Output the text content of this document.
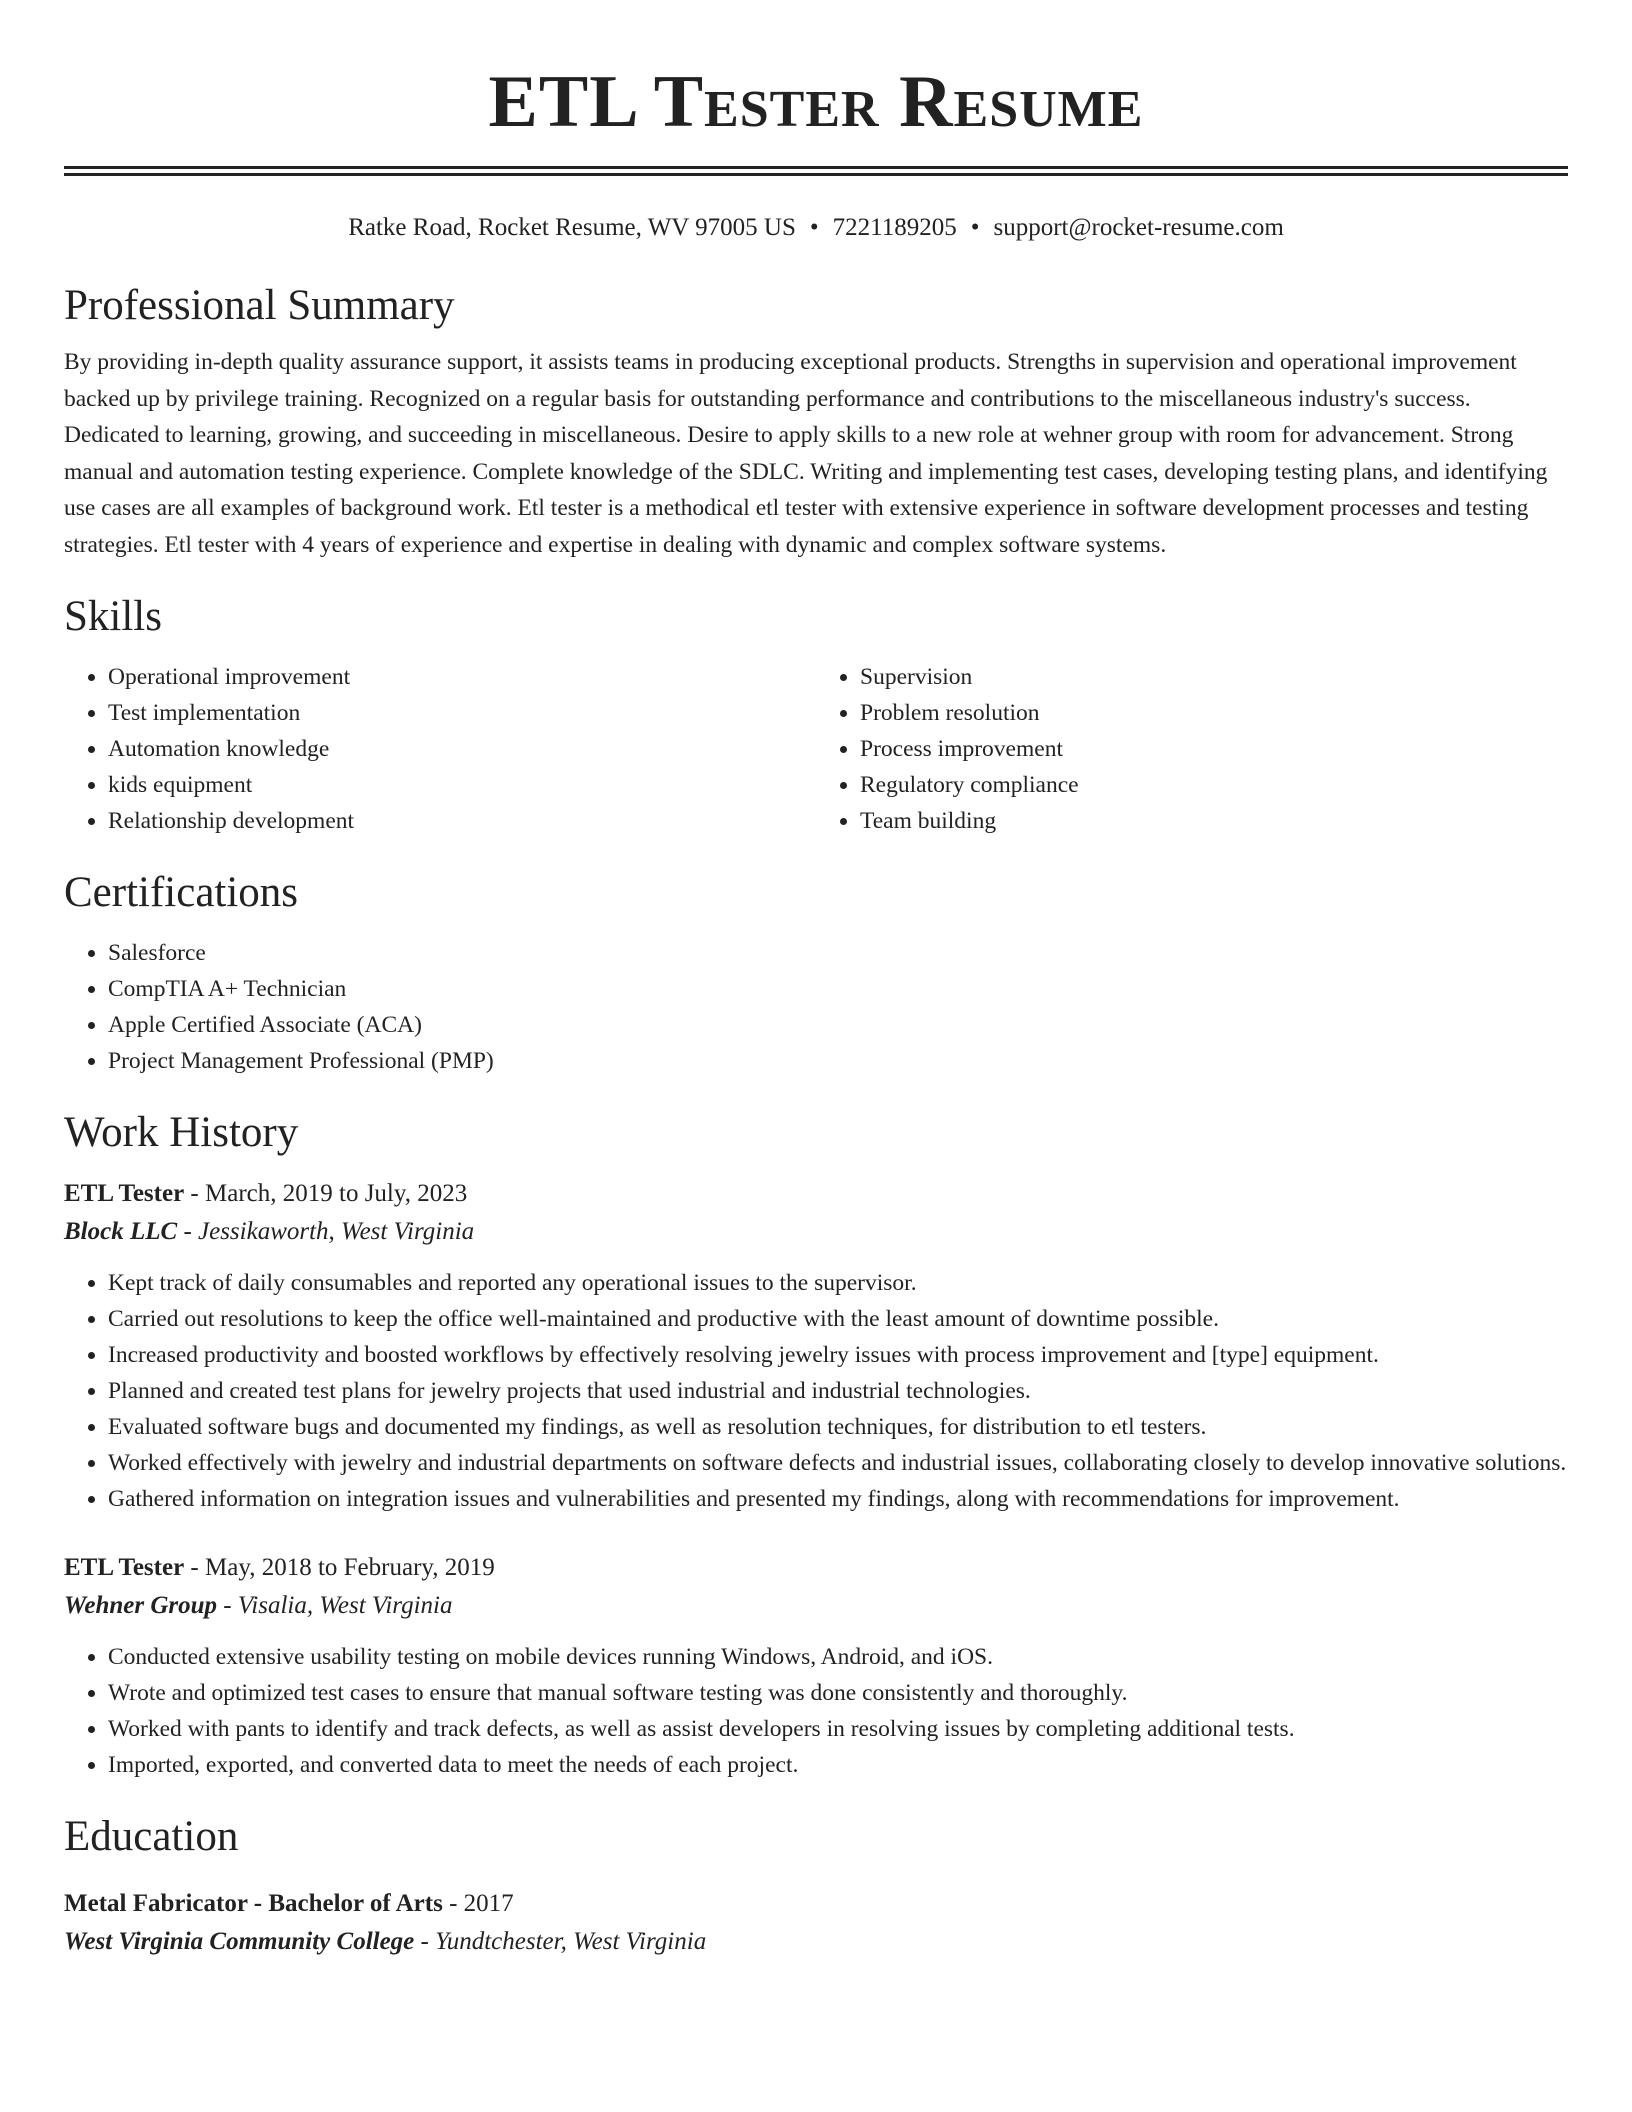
ETL Tester Resume
Ratke Road, Rocket Resume, WV 97005 US • 7221189205 • support@rocket-resume.com
Professional Summary

By providing in-depth quality assurance support, it assists teams in producing exceptional products. Strengths in supervision and operational improvement backed up by privilege training. Recognized on a regular basis for outstanding performance and contributions to the miscellaneous industry's success. Dedicated to learning, growing, and succeeding in miscellaneous. Desire to apply skills to a new role at wehner group with room for advancement. Strong manual and automation testing experience. Complete knowledge of the SDLC. Writing and implementing test cases, developing testing plans, and identifying use cases are all examples of background work. Etl tester is a methodical etl tester with extensive experience in software development processes and testing strategies. Etl tester with 4 years of experience and expertise in dealing with dynamic and complex software systems.

Skills
• Operational improvement
• Test implementation
• Automation knowledge
• kids equipment
• Relationship development
• Supervision
• Problem resolution
• Process improvement
• Regulatory compliance
• Team building
Certifications
• Salesforce
• CompTIA A+ Technician
• Apple Certified Associate (ACA)
• Project Management Professional (PMP)
Work History
ETL Tester - March, 2019 to July, 2023
Block LLC - Jessikaworth, West Virginia
• Kept track of daily consumables and reported any operational issues to the supervisor.
• Carried out resolutions to keep the office well-maintained and productive with the least amount of downtime possible.
• Increased productivity and boosted workflows by effectively resolving jewelry issues with process improvement and [type] equipment.
• Planned and created test plans for jewelry projects that used industrial and industrial technologies.
• Evaluated software bugs and documented my findings, as well as resolution techniques, for distribution to etl testers.
• Worked effectively with jewelry and industrial departments on software defects and industrial issues, collaborating closely to develop innovative solutions.
• Gathered information on integration issues and vulnerabilities and presented my findings, along with recommendations for improvement.
ETL Tester - May, 2018 to February, 2019
Wehner Group - Visalia, West Virginia
• Conducted extensive usability testing on mobile devices running Windows, Android, and iOS.
• Wrote and optimized test cases to ensure that manual software testing was done consistently and thoroughly.
• Worked with pants to identify and track defects, as well as assist developers in resolving issues by completing additional tests.
• Imported, exported, and converted data to meet the needs of each project.
Education
Metal Fabricator - Bachelor of Arts - 2017
West Virginia Community College - Yundtchester, West Virginia
